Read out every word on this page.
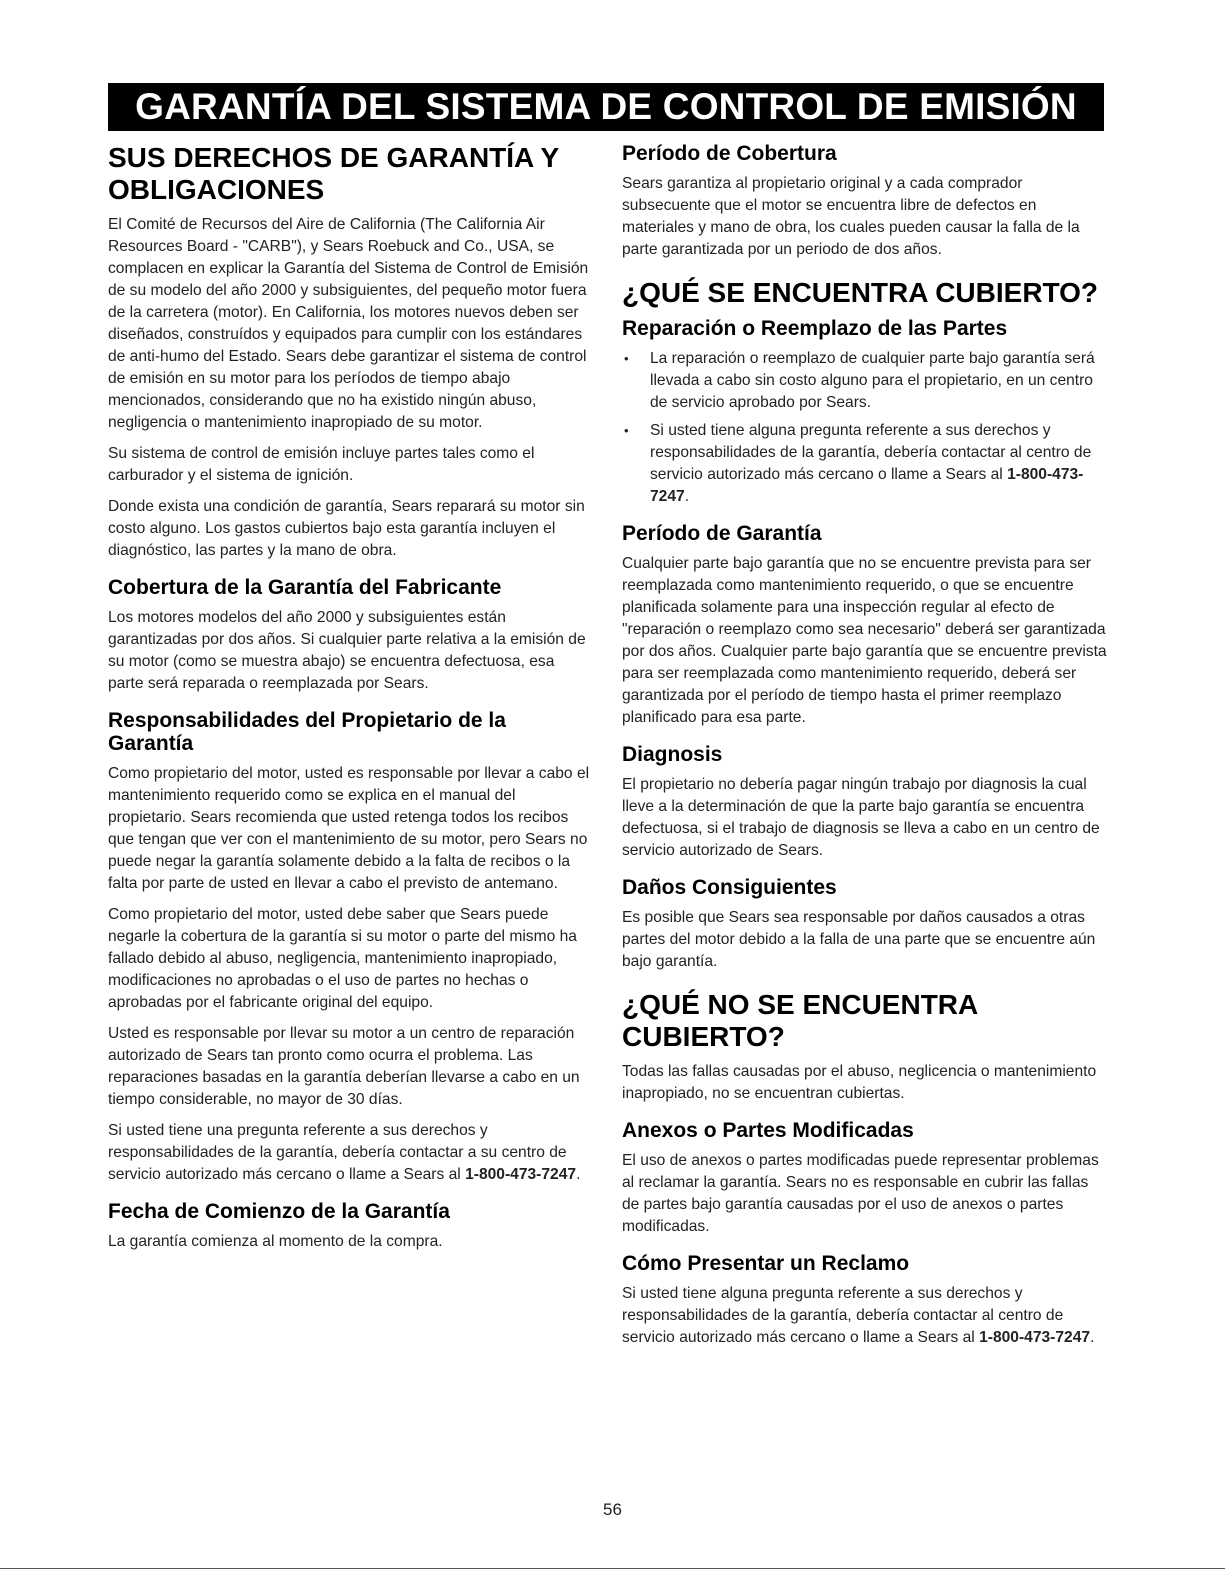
GARANTÍA DEL SISTEMA DE CONTROL DE EMISIÓN
SUS DERECHOS DE GARANTÍA Y OBLIGACIONES

El Comité de Recursos del Aire de California (The California Air Resources Board - "CARB"), y Sears Roebuck and Co., USA, se complacen en explicar la Garantía del Sistema de Control de Emisión de su modelo del año 2000 y subsiguientes, del pequeño motor fuera de la carretera (motor). En California, los motores nuevos deben ser diseñados, construídos y equipados para cumplir con los estándares de anti-humo del Estado. Sears debe garantizar el sistema de control de emisión en su motor para los períodos de tiempo abajo mencionados, considerando que no ha existido ningún abuso, negligencia o mantenimiento inapropiado de su motor.

Su sistema de control de emisión incluye partes tales como el carburador y el sistema de ignición.

Donde exista una condición de garantía, Sears reparará su motor sin costo alguno. Los gastos cubiertos bajo esta garantía incluyen el diagnóstico, las partes y la mano de obra.

Cobertura de la Garantía del Fabricante

Los motores modelos del año 2000 y subsiguientes están garantizadas por dos años. Si cualquier parte relativa a la emisión de su motor (como se muestra abajo) se encuentra defectuosa, esa parte será reparada o reemplazada por Sears.

Responsabilidades del Propietario de la Garantía

Como propietario del motor, usted es responsable por llevar a cabo el mantenimiento requerido como se explica en el manual del propietario. Sears recomienda que usted retenga todos los recibos que tengan que ver con el mantenimiento de su motor, pero Sears no puede negar la garantía solamente debido a la falta de recibos o la falta por parte de usted en llevar a cabo el previsto de antemano.

Como propietario del motor, usted debe saber que Sears puede negarle la cobertura de la garantía si su motor o parte del mismo ha fallado debido al abuso, negligencia, mantenimiento inapropiado, modificaciones no aprobadas o el uso de partes no hechas o aprobadas por el fabricante original del equipo.

Usted es responsable por llevar su motor a un centro de reparación autorizado de Sears tan pronto como ocurra el problema. Las reparaciones basadas en la garantía deberían llevarse a cabo en un tiempo considerable, no mayor de 30 días.

Si usted tiene una pregunta referente a sus derechos y responsabilidades de la garantía, debería contactar a su centro de servicio autorizado más cercano o llame a Sears al 1-800-473-7247.

Fecha de Comienzo de la Garantía

La garantía comienza al momento de la compra.

Período de Cobertura

Sears garantiza al propietario original y a cada comprador subsecuente que el motor se encuentra libre de defectos en materiales y mano de obra, los cuales pueden causar la falla de la parte garantizada por un periodo de dos años.

¿QUÉ SE ENCUENTRA CUBIERTO?
Reparación o Reemplazo de las Partes
• La reparación o reemplazo de cualquier parte bajo garantía será llevada a cabo sin costo alguno para el propietario, en un centro de servicio aprobado por Sears.
• Si usted tiene alguna pregunta referente a sus derechos y responsabilidades de la garantía, debería contactar al centro de servicio autorizado más cercano o llame a Sears al 1-800-473-7247.
Período de Garantía

Cualquier parte bajo garantía que no se encuentre prevista para ser reemplazada como mantenimiento requerido, o que se encuentre planificada solamente para una inspección regular al efecto de "reparación o reemplazo como sea necesario" deberá ser garantizada por dos años. Cualquier parte bajo garantía que se encuentre prevista para ser reemplazada como mantenimiento requerido, deberá ser garantizada por el período de tiempo hasta el primer reemplazo planificado para esa parte.

Diagnosis

El propietario no debería pagar ningún trabajo por diagnosis la cual lleve a la determinación de que la parte bajo garantía se encuentra defectuosa, si el trabajo de diagnosis se lleva a cabo en un centro de servicio autorizado de Sears.

Daños Consiguientes

Es posible que Sears sea responsable por daños causados a otras partes del motor debido a la falla de una parte que se encuentre aún bajo garantía.

¿QUÉ NO SE ENCUENTRA CUBIERTO?

Todas las fallas causadas por el abuso, neglicencia o mantenimiento inapropiado, no se encuentran cubiertas.

Anexos o Partes Modificadas

El uso de anexos o partes modificadas puede representar problemas al reclamar la garantía. Sears no es responsable en cubrir las fallas de partes bajo garantía causadas por el uso de anexos o partes modificadas.

Cómo Presentar un Reclamo

Si usted tiene alguna pregunta referente a sus derechos y responsabilidades de la garantía, debería contactar al centro de servicio autorizado más cercano o llame a Sears al 1-800-473-7247.

56
